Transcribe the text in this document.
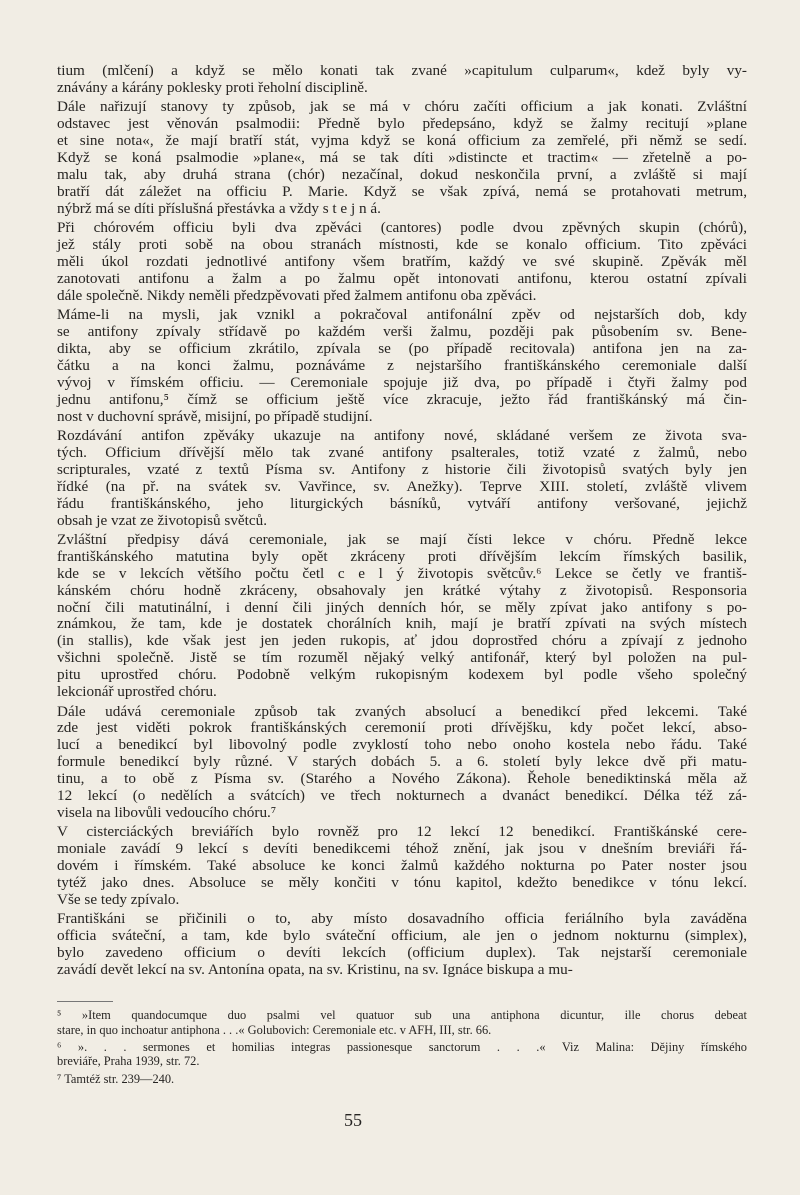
tium (mlčení) a když se mělo konati tak zvané »capitulum culparum«, kdež byly vy-
znávány a kárány poklesky proti řeholní disciplině.
Dále nařizují stanovy ty způsob, jak se má v chóru začíti officium a jak konati. Zvláštní
odstavec jest věnován psalmodii: Předně bylo předepsáno, když se žalmy recitují »plane
et sine nota«, že mají bratří stát, vyjma když se koná officium za zemřelé, při němž se sedí.
Když se koná psalmodie »plane«, má se tak díti »distincte et tractim« — zřetelně a po-
malu tak, aby druhá strana (chór) nezačínal, dokud neskončila první, a zvláště si mají
bratří dát záležet na officiu P. Marie. Když se však zpívá, nemá se protahovati metrum,
nýbrž má se díti příslušná přestávka a vždy s t e j n á.
Při chórovém officiu byli dva zpěváci (cantores) podle dvou zpěvných skupin (chórů),
jež stály proti sobě na obou stranách místnosti, kde se konalo officium. Tito zpěváci
měli úkol rozdati jednotlivé antifony všem bratřím, každý ve své skupině. Zpěvák měl
zanotovati antifonu a žalm a po žalmu opět intonovati antifonu, kterou ostatní zpívali
dále společně. Nikdy neměli předzpěvovati před žalmem antifonu oba zpěváci.
Máme-li na mysli, jak vznikl a pokračoval antifonální zpěv od nejstarších dob, kdy
se antifony zpívaly střídavě po každém verši žalmu, později pak působením sv. Bene-
dikta, aby se officium zkrátilo, zpívala se (po případě recitovala) antifona jen na za-
čátku a na konci žalmu, poznáváme z nejstaršího františkánského ceremoniale další
vývoj v římském officiu. — Ceremoniale spojuje již dva, po případě i čtyři žalmy pod
jednu antifonu,⁵ čímž se officium ještě více zkracuje, ježto řád františkánský má čin-
nost v duchovní správě, misijní, po případě studijní.
Rozdávání antifon zpěváky ukazuje na antifony nové, skládané veršem ze života sva-
tých. Officium dřívější mělo tak zvané antifony psalterales, totiž vzaté z žalmů, nebo
scripturales, vzaté z textů Písma sv. Antifony z historie čili životopisů svatých byly jen
řídké (na př. na svátek sv. Vavřince, sv. Anežky). Teprve XIII. století, zvláště vlivem
řádu františkánského, jeho liturgických básníků, vytváří antifony veršované, jejichž
obsah je vzat ze životopisů světců.
Zvláštní předpisy dává ceremoniale, jak se mají čísti lekce v chóru. Předně lekce
františkánského matutina byly opět zkráceny proti dřívějším lekcím římských basilik,
kde se v lekcích většího počtu četl c e l ý životopis světcův.⁶ Lekce se četly ve františ-
kánském chóru hodně zkráceny, obsahovaly jen krátké výtahy z životopisů. Responsoria
noční čili matutinální, i denní čili jiných denních hór, se měly zpívat jako antifony s po-
známkou, že tam, kde je dostatek chorálních knih, mají je bratří zpívati na svých místech
(in stallis), kde však jest jen jeden rukopis, ať jdou doprostřed chóru a zpívají z jednoho
všichni společně. Jistě se tím rozuměl nějaký velký antifonář, který byl položen na pul-
pitu uprostřed chóru. Podobně velkým rukopisným kodexem byl podle všeho společný
lekcionář uprostřed chóru.
Dále udává ceremoniale způsob tak zvaných absolucí a benedikcí před lekcemi. Také
zde jest viděti pokrok františkánských ceremonií proti dřívějšku, kdy počet lekcí, abso-
lucí a benedikcí byl libovolný podle zvyklostí toho nebo onoho kostela nebo řádu. Také
formule benedikcí byly různé. V starých dobách 5. a 6. století byly lekce dvě při matu-
tinu, a to obě z Písma sv. (Starého a Nového Zákona). Řehole benediktinská měla až
12 lekcí (o nedělích a svátcích) ve třech nokturnech a dvanáct benedikcí. Délka též zá-
visela na libovůli vedoucího chóru.⁷
V cisterciáckých breviářích bylo rovněž pro 12 lekcí 12 benedikcí. Františkánské cere-
moniale zavádí 9 lekcí s devíti benedikcemi téhož znění, jak jsou v dnešním breviáři řá-
dovém i římském. Také absoluce ke konci žalmů každého nokturna po Pater noster jsou
tytéž jako dnes. Absoluce se měly končiti v tónu kapitol, kdežto benedikce v tónu lekcí.
Vše se tedy zpívalo.
Františkáni se přičinili o to, aby místo dosavadního officia feriálního byla zaváděna
officia sváteční, a tam, kde bylo sváteční officium, ale jen o jednom nokturnu (simplex),
bylo zavedeno officium o devíti lekcích (officium duplex). Tak nejstarší ceremoniale
zavádí devět lekcí na sv. Antonína opata, na sv. Kristinu, na sv. Ignáce biskupa a mu-
⁵ »Item quandocumque duo psalmi vel quatuor sub una antiphona dicuntur, ille chorus debeat
stare, in quo inchoatur antiphona . . .« Golubovich: Ceremoniale etc. v AFH, III, str. 66.
⁶ ». . . sermones et homilias integras passionesque sanctorum . . .« Viz Malina: Dějiny římského
breviáře, Praha 1939, str. 72.
⁷ Tamtéž str. 239—240.
55
